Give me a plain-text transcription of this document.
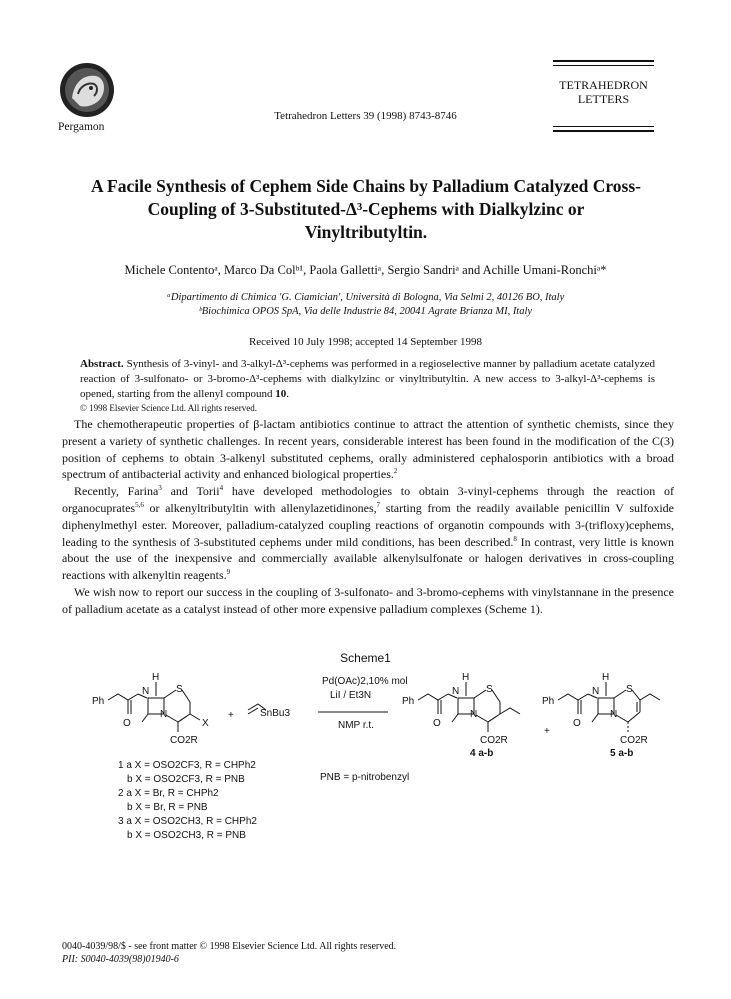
Pergamon
Tetrahedron Letters 39 (1998) 8743-8746
TETRAHEDRON
LETTERS
A Facile Synthesis of Cephem Side Chains by Palladium Catalyzed Cross-
Coupling of 3-Substituted-Δ³-Cephems with Dialkylzinc or
Vinyltributyltin.
Michele Contentoᵃ, Marco Da Colᵇ¹, Paola Gallettiᵃ, Sergio Sandriᵃ and Achille Umani-Ronchiᵃ*
ᵃDipartimento di Chimica 'G. Ciamician', Università di Bologna, Via Selmi 2, 40126 BO, Italy
ᵇBiochimica OPOS SpA, Via delle Industrie 84, 20041 Agrate Brianza MI, Italy
Received 10 July 1998; accepted 14 September 1998
Abstract. Synthesis of 3-vinyl- and 3-alkyl-Δ³-cephems was performed in a regioselective manner by palladium acetate catalyzed reaction of 3-sulfonato- or 3-bromo-Δ³-cephems with dialkylzinc or vinyltributyltin. A new access to 3-alkyl-Δ³-cephems is opened, starting from the allenyl compound 10.
© 1998 Elsevier Science Ltd. All rights reserved.

The chemotherapeutic properties of β-lactam antibiotics continue to attract the attention of synthetic chemists, since they present a variety of synthetic challenges. In recent years, considerable interest has been found in the modification of the C(3) position of cephems to obtain 3-alkenyl substituted cephems, orally administered cephalosporin antibiotics with a broad spectrum of antibacterial activity and enhanced biological properties.$^2$

Recently, Farina$^3$ and Torii$^4$ have developed methodologies to obtain 3-vinyl-cephems through the reaction of organocuprates$^{5,6}$ or alkenyltributyltin with allenylazetidinones,$^7$ starting from the readily available penicillin V sulfoxide diphenylmethyl ester. Moreover, palladium-catalyzed coupling reactions of organotin compounds with 3-(trifloxy)cephems, leading to the synthesis of 3-substituted cephems under mild conditions, has been described.$^8$ In contrast, very little is known about the use of the inexpensive and commercially available alkenylsulfonate or halogen derivatives in cross-coupling reactions with alkenyltin reagents.$^9$

We wish now to report our success in the coupling of 3-sulfonato- and 3-bromo-cephems with vinylstannane in the presence of palladium acetate as a catalyst instead of other more expensive palladium complexes (Scheme 1).

Scheme1
H
Ph
N	S
N
O	X
CO2R
+	SnBu3
Pd(OAc)2,10% mol
LiI / Et3N
NMP r.t.
H
Ph
N	S
N
O
CO2R
4 a-b
+
H
Ph
N	S
N
O
CO2R
5 a-b
PNB = p-nitrobenzyl
1 a X = OSO2CF3, R = CHPh2
b X = OSO2CF3, R = PNB
2 a X = Br, R = CHPh2
b X = Br, R = PNB
3 a X = OSO2CH3, R = CHPh2
b X = OSO2CH3, R = PNB
0040-4039/98/$ - see front matter © 1998 Elsevier Science Ltd. All rights reserved.
PII: S0040-4039(98)01940-6
